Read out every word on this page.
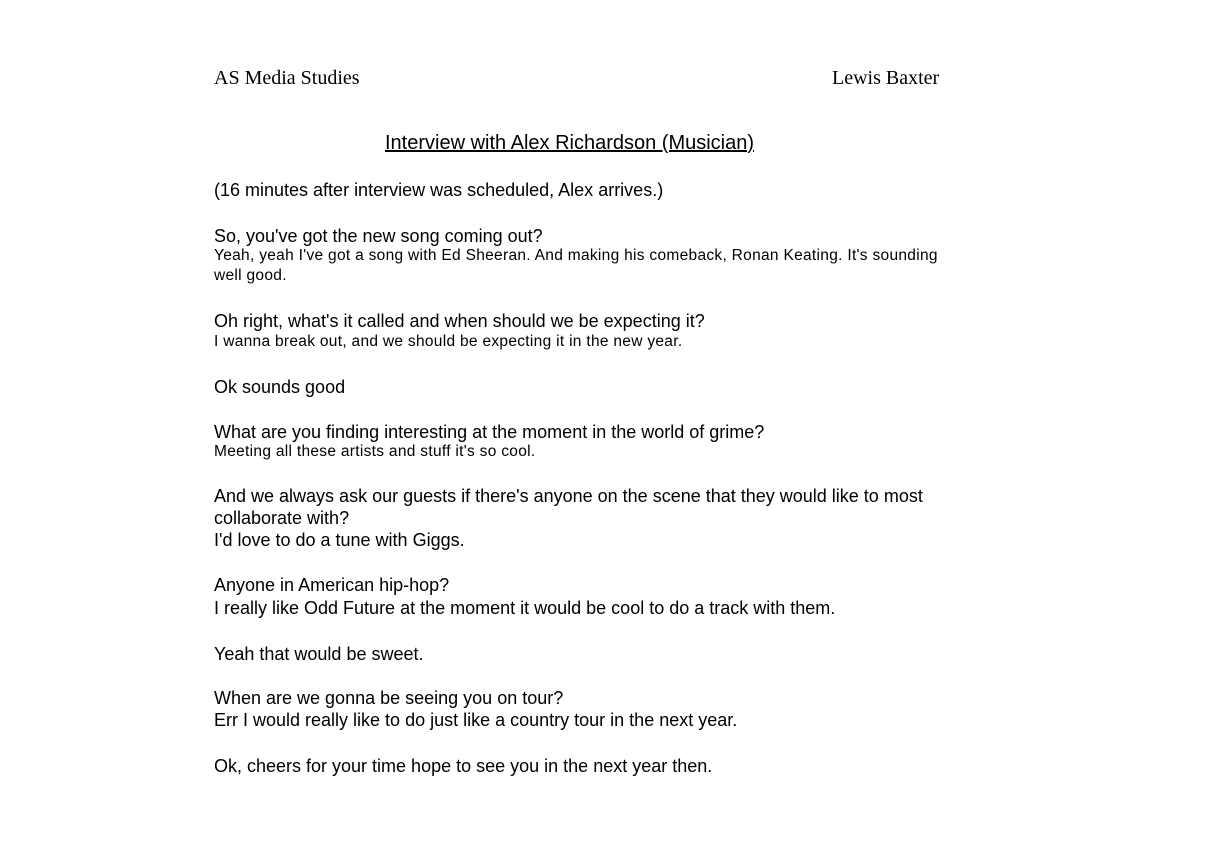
AS Media Studies	Lewis Baxter
Interview with Alex Richardson (Musician)
(16 minutes after interview was scheduled, Alex arrives.)
So, you've got the new song coming out?
Yeah, yeah I've got a song with Ed Sheeran. And making his comeback, Ronan Keating. It's sounding well good.
Oh right, what's it called and when should we be expecting it?
I wanna break out, and we should be expecting it in the new year.
Ok sounds good
What are you finding interesting at the moment in the world of grime?
Meeting all these artists and stuff it's so cool.
And we always ask our guests if there's anyone on the scene that they would like to most collaborate with?
I'd love to do a tune with Giggs.
Anyone in American hip-hop?
I really like Odd Future at the moment it would be cool to do a track with them.
Yeah that would be sweet.
When are we gonna be seeing you on tour?
Err I would really like to do just like a country tour in the next year.
Ok, cheers for your time hope to see you in the next year then.
